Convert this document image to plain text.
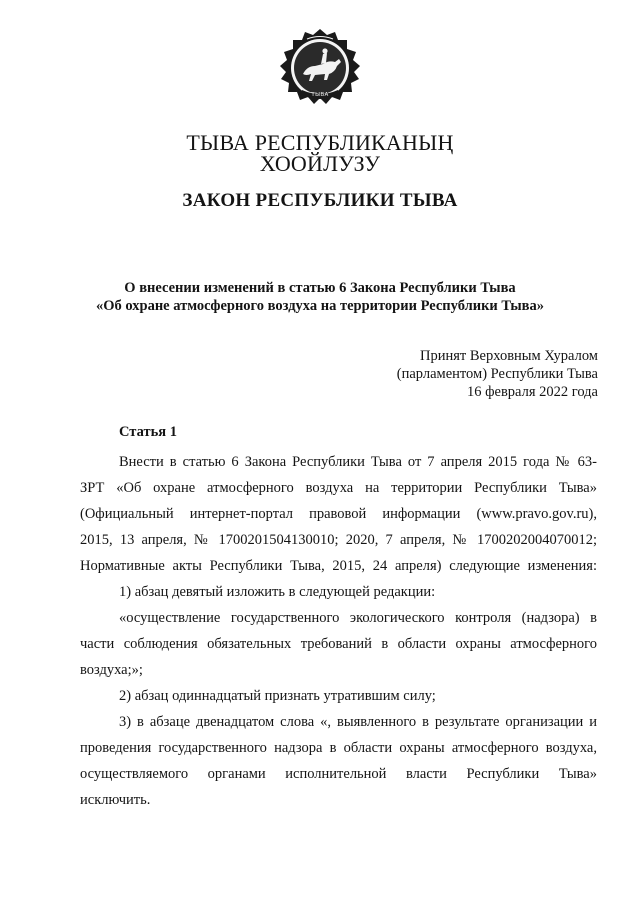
ТЫВА
ТЫВА РЕСПУБЛИКАНЫҢ
ХООЙЛУЗУ
ЗАКОН РЕСПУБЛИКИ ТЫВА
О внесении изменений в статью 6 Закона Республики Тыва
«Об охране атмосферного воздуха на территории Республики Тыва»
Принят Верховным Хуралом
(парламентом) Республики Тыва
16 февраля 2022 года
Статья 1
Внести в статью 6 Закона Республики Тыва от 7 апреля 2015 года № 63-
ЗРТ «Об охране атмосферного воздуха на территории Республики Тыва»
(Официальный интернет-портал правовой информации (www.pravo.gov.ru),
2015, 13 апреля, № 1700201504130010; 2020, 7 апреля, № 1700202004070012;
Нормативные акты Республики Тыва, 2015, 24 апреля) следующие изменения:
1) абзац девятый изложить в следующей редакции:
«осуществление государственного экологического контроля (надзора) в
части соблюдения обязательных требований в области охраны атмосферного
воздуха;»;
2) абзац одиннадцатый признать утратившим силу;
3) в абзаце двенадцатом слова «, выявленного в результате организации и
проведения государственного надзора в области охраны атмосферного воздуха,
осуществляемого органами исполнительной власти Республики Тыва»
исключить.
